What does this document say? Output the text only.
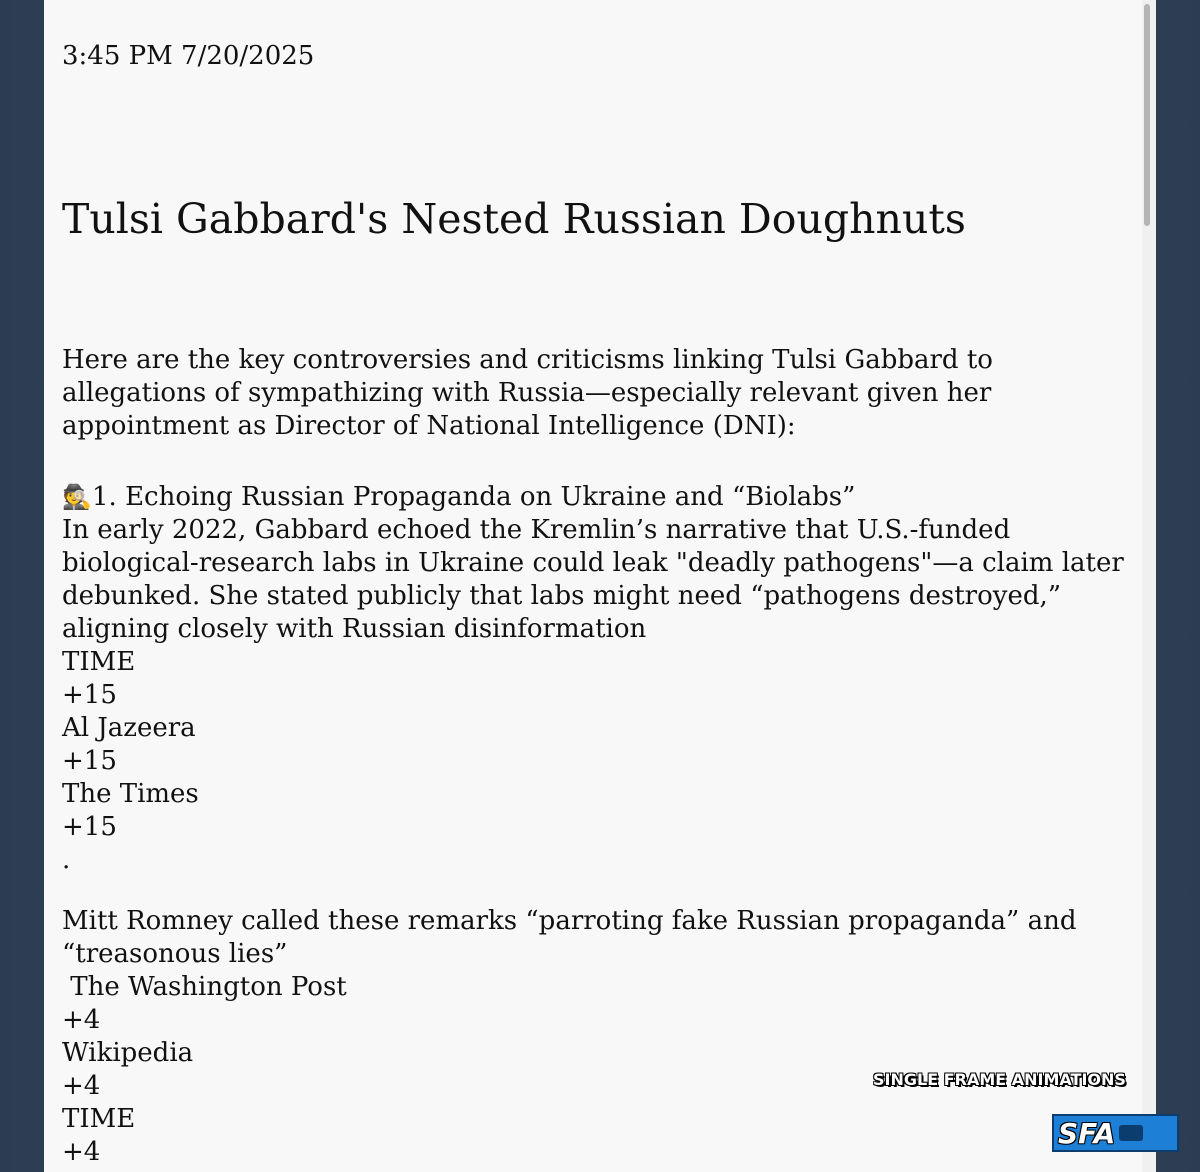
3:45 PM 7/20/2025
Tulsi Gabbard's Nested Russian Doughnuts
Here are the key controversies and criticisms linking Tulsi Gabbard to
allegations of sympathizing with Russia—especially relevant given her
appointment as Director of National Intelligence (DNI):
🕵️1. Echoing Russian Propaganda on Ukraine and “Biolabs”
In early 2022, Gabbard echoed the Kremlin’s narrative that U.S.-funded
biological-research labs in Ukraine could leak "deadly pathogens"—a claim later
debunked. She stated publicly that labs might need “pathogens destroyed,”
aligning closely with Russian disinformation
TIME
+15
Al Jazeera
+15
The Times
+15
.
Mitt Romney called these remarks “parroting fake Russian propaganda” and
“treasonous lies”
The Washington Post
+4
Wikipedia
+4
TIME
+4
SINGLE FRAME ANIMATIONS
SFA
